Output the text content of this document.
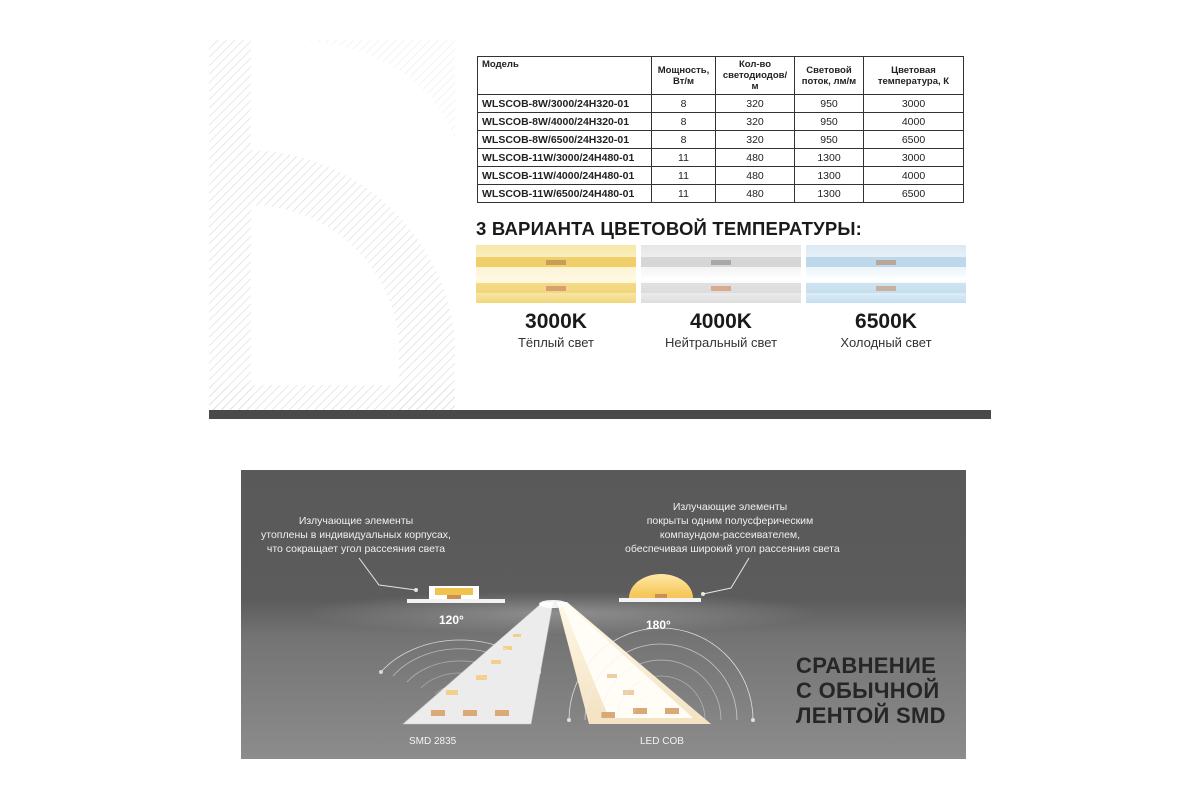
Модель	Мощность, Вт/м	Кол-во светодиодов/м	Световой поток, лм/м	Цветовая температура, К
WLSCOB-8W/3000/24H320-01	8	320	950	3000
WLSCOB-8W/4000/24H320-01	8	320	950	4000
WLSCOB-8W/6500/24H320-01	8	320	950	6500
WLSCOB-11W/3000/24H480-01	11	480	1300	3000
WLSCOB-11W/4000/24H480-01	11	480	1300	4000
WLSCOB-11W/6500/24H480-01	11	480	1300	6500
3 ВАРИАНТА ЦВЕТОВОЙ ТЕМПЕРАТУРЫ:
3000K
Тёплый свет
4000K
Нейтральный свет
6500K
Холодный свет
Излучающие элементы
утоплены в индивидуальных корпусах,
что сокращает угол рассеяния света
Излучающие элементы
покрыты одним полусферическим
компаундом-рассеивателем,
обеспечивая широкий угол рассеяния света
120°	180°
SMD 2835	LED COB
СРАВНЕНИЕ
С ОБЫЧНОЙ
ЛЕНТОЙ SMD
